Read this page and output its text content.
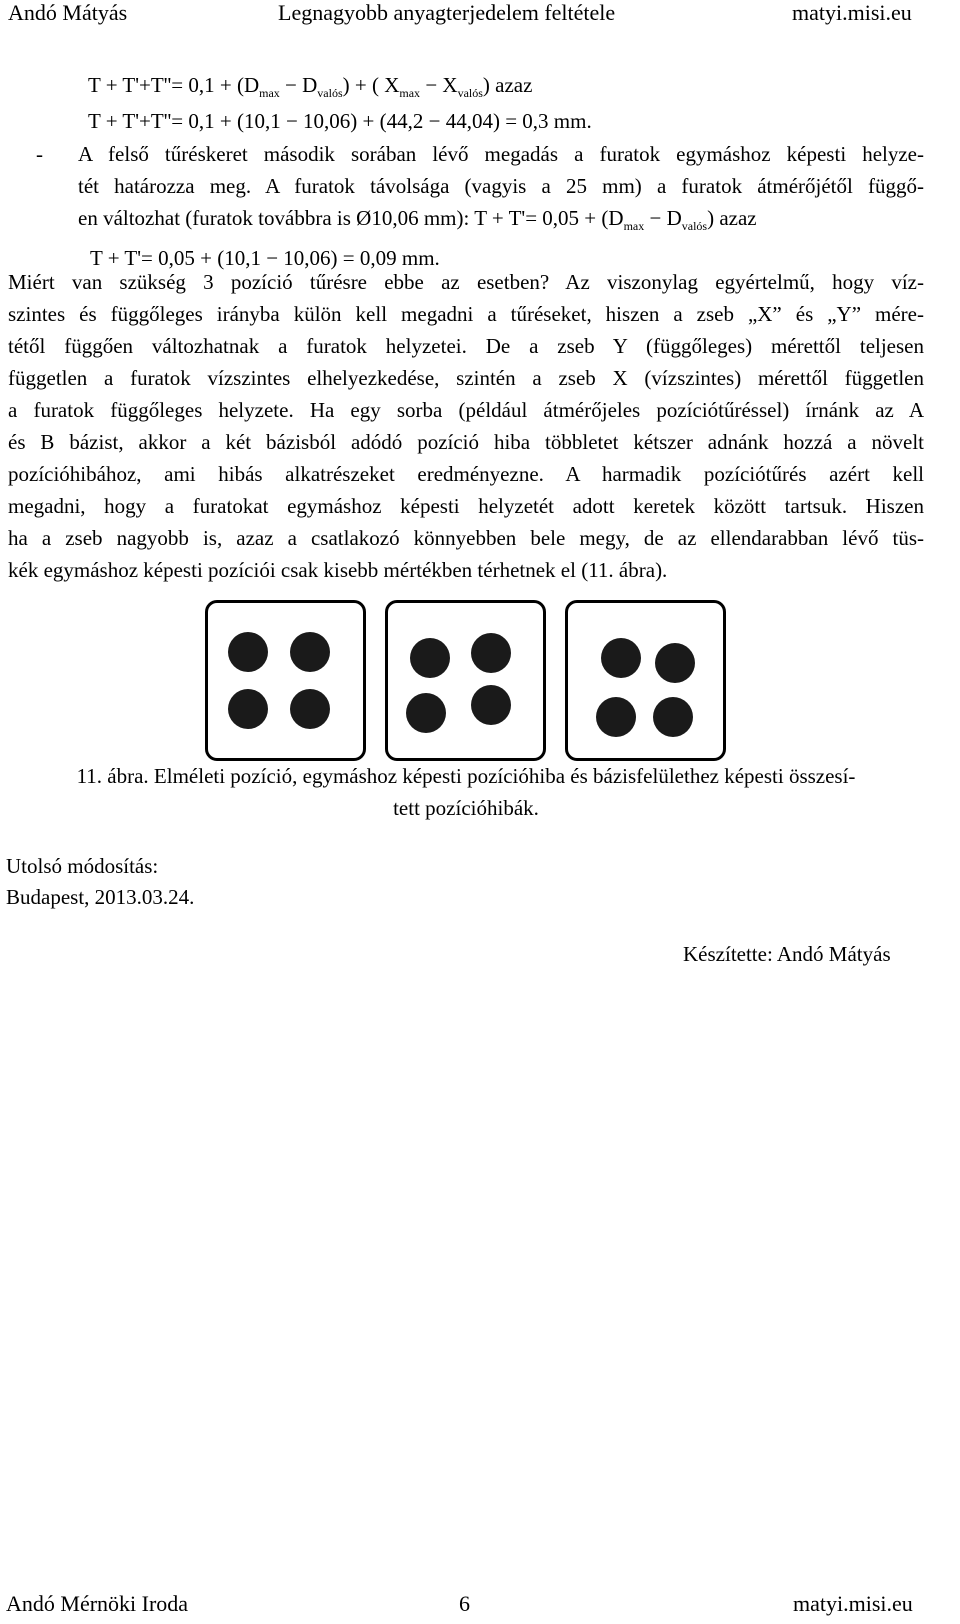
Andó Mátyás	Legnagyobb anyagterjedelem feltétele	matyi.misi.eu
$T + T'+T''= 0,1 + (D_{max} - D_{valós})$ + ( $X_{max} - X_{valós}$) azaz
T + T'+T''= 0,1 + (10,1 − 10,06) + (44,2 − 44,04) = 0,3 mm.
- A felső tűréskeret második sorában lévő megadás a furatok egymáshoz képesti helyze-
tét határozza meg. A furatok távolsága (vagyis a 25 mm) a furatok átmérőjétől függő-
en változhat (furatok továbbra is Ø10,06 mm): $T + T'= 0,05 + (D_{max} - D_{valós})$ azaz
T + T'= 0,05 + (10,1 − 10,06) = 0,09 mm.
Miért van szükség 3 pozíció tűrésre ebbe az esetben? Az viszonylag egyértelmű, hogy víz-
szintes és függőleges irányba külön kell megadni a tűréseket, hiszen a zseb „X” és „Y” mére-
tétől függően változhatnak a furatok helyzetei. De a zseb Y (függőleges) mérettől teljesen
független a furatok vízszintes elhelyezkedése, szintén a zseb X (vízszintes) mérettől független
a furatok függőleges helyzete. Ha egy sorba (például átmérőjeles pozíciótűréssel) írnánk az A
és B bázist, akkor a két bázisból adódó pozíció hiba többletet kétszer adnánk hozzá a növelt
pozícióhibához, ami hibás alkatrészeket eredményezne. A harmadik pozíciótűrés azért kell
megadni, hogy a furatokat egymáshoz képesti helyzetét adott keretek között tartsuk. Hiszen
ha a zseb nagyobb is, azaz a csatlakozó könnyebben bele megy, de az ellendarabban lévő tüs-
kék egymáshoz képesti pozíciói csak kisebb mértékben térhetnek el (11. ábra).
11. ábra. Elméleti pozíció, egymáshoz képesti pozícióhiba és bázisfelülethez képesti összesí-
tett pozícióhibák.
Utolsó módosítás:
Budapest, 2013.03.24.
Készítette: Andó Mátyás
Andó Mérnöki Iroda	6	matyi.misi.eu
